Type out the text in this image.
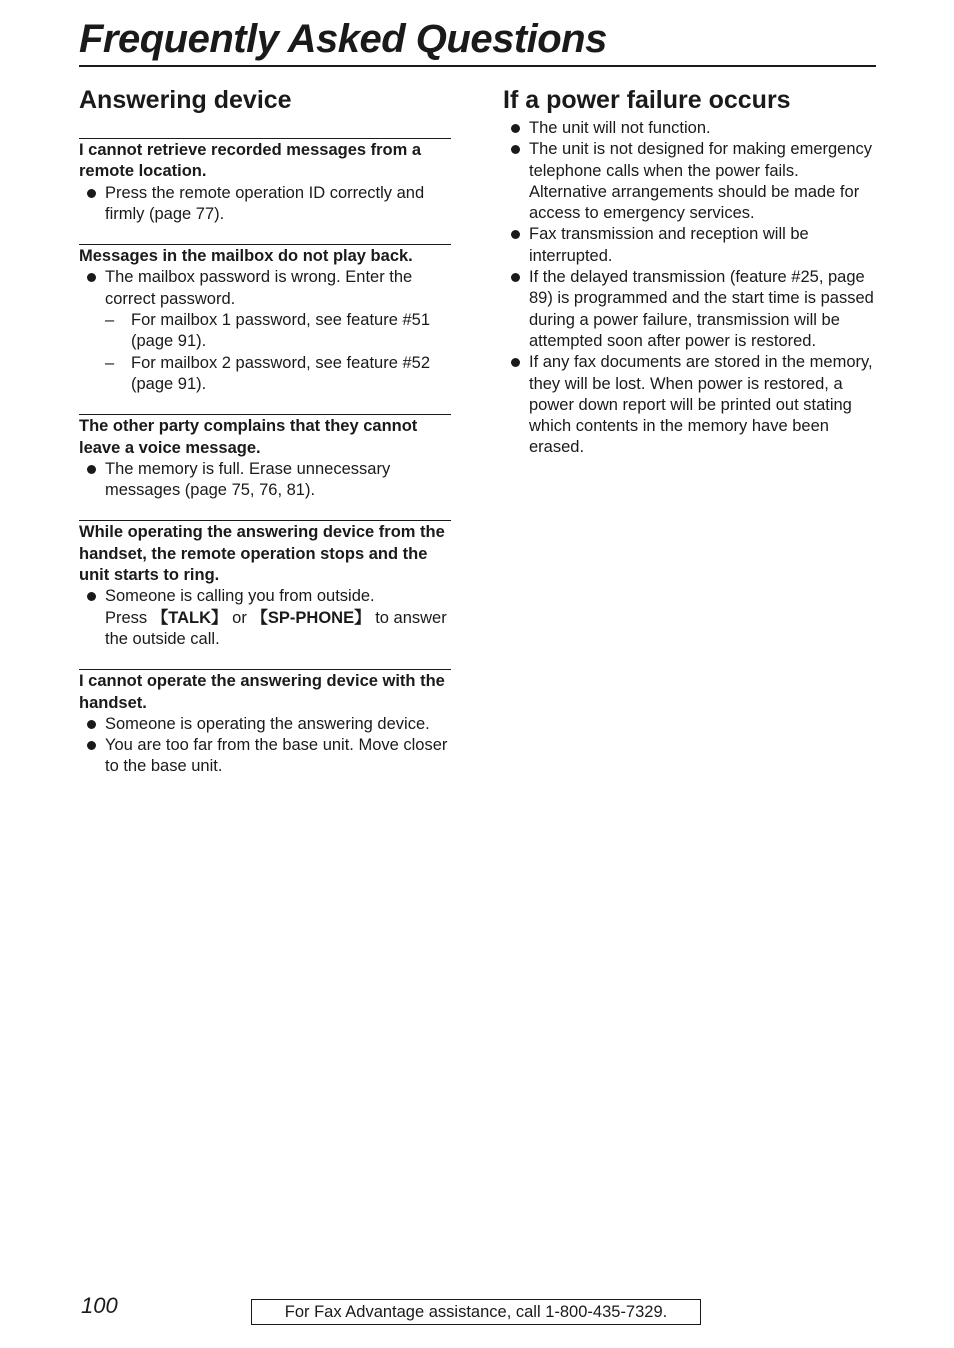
Frequently Asked Questions
Answering device

I cannot retrieve recorded messages from a remote location.

Press the remote operation ID correctly and firmly (page 77).

Messages in the mailbox do not play back.

The mailbox password is wrong. Enter the correct password.
– For mailbox 1 password, see feature #51 (page 91).
– For mailbox 2 password, see feature #52 (page 91).

The other party complains that they cannot leave a voice message.

The memory is full. Erase unnecessary messages (page 75, 76, 81).

While operating the answering device from the handset, the remote operation stops and the unit starts to ring.

Someone is calling you from outside.
Press 【TALK】 or 【SP-PHONE】 to answer the outside call.

I cannot operate the answering device with the handset.

Someone is operating the answering device.
You are too far from the base unit. Move closer to the base unit.
If a power failure occurs
The unit will not function.
The unit is not designed for making emergency telephone calls when the power fails. Alternative arrangements should be made for access to emergency services.
Fax transmission and reception will be interrupted.
If the delayed transmission (feature #25, page 89) is programmed and the start time is passed during a power failure, transmission will be attempted soon after power is restored.
If any fax documents are stored in the memory, they will be lost. When power is restored, a power down report will be printed out stating which contents in the memory have been erased.
100	For Fax Advantage assistance, call 1-800-435-7329.
